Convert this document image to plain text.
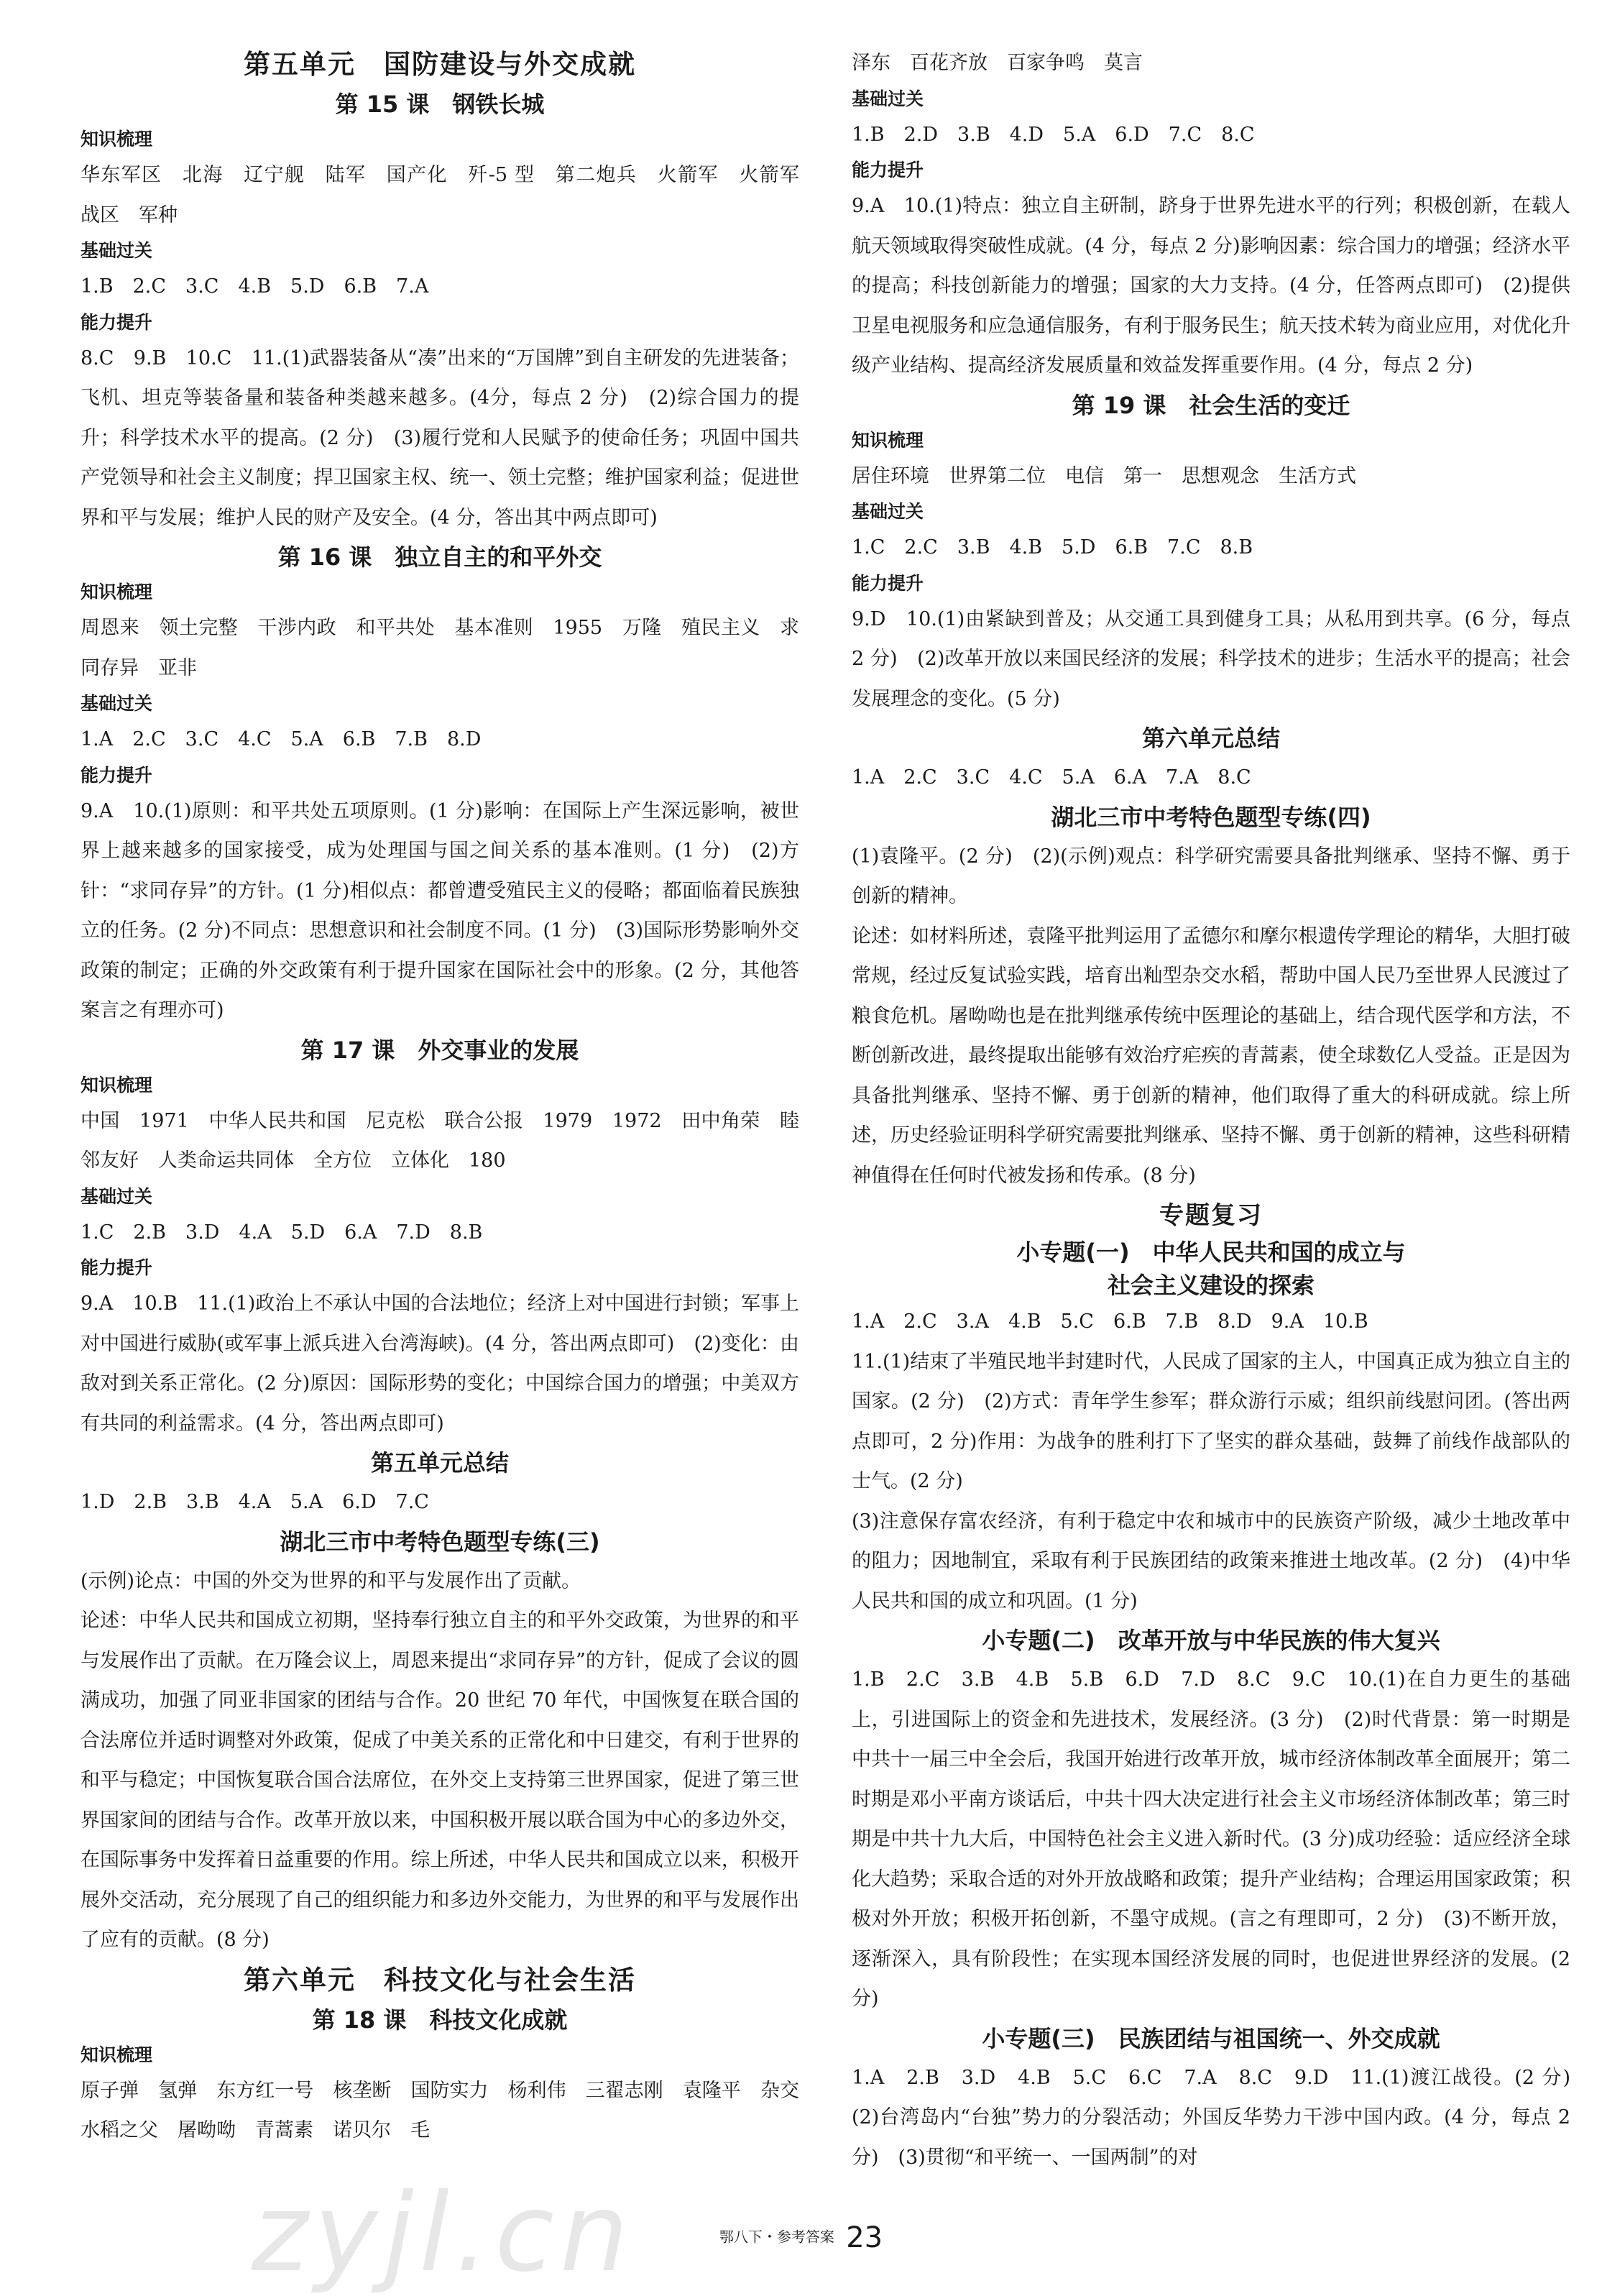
第五单元　国防建设与外交成就
第 15 课　钢铁长城
知识梳理

华东军区　北海　辽宁舰　陆军　国产化　歼-5 型　第二炮兵　火箭军　火箭军　战区　军种

基础过关

1.B　2.C　3.C　4.B　5.D　6.B　7.A

能力提升

8.C　9.B　10.C　11.(1)武器装备从“凑”出来的“万国牌”到自主研发的先进装备；飞机、坦克等装备量和装备种类越来越多。(4分，每点 2 分)　(2)综合国力的提升；科学技术水平的提高。(2 分)　(3)履行党和人民赋予的使命任务；巩固中国共产党领导和社会主义制度；捍卫国家主权、统一、领土完整；维护国家利益；促进世界和平与发展；维护人民的财产及安全。(4 分，答出其中两点即可)

第 16 课　独立自主的和平外交
知识梳理

周恩来　领土完整　干涉内政　和平共处　基本准则　1955　万隆　殖民主义　求同存异　亚非

基础过关

1.A　2.C　3.C　4.C　5.A　6.B　7.B　8.D

能力提升

9.A　10.(1)原则：和平共处五项原则。(1 分)影响：在国际上产生深远影响，被世界上越来越多的国家接受，成为处理国与国之间关系的基本准则。(1 分)　(2)方针：“求同存异”的方针。(1 分)相似点：都曾遭受殖民主义的侵略；都面临着民族独立的任务。(2 分)不同点：思想意识和社会制度不同。(1 分)　(3)国际形势影响外交政策的制定；正确的外交政策有利于提升国家在国际社会中的形象。(2 分，其他答案言之有理亦可)

第 17 课　外交事业的发展
知识梳理

中国　1971　中华人民共和国　尼克松　联合公报　1979　1972　田中角荣　睦邻友好　人类命运共同体　全方位　立体化　180

基础过关

1.C　2.B　3.D　4.A　5.D　6.A　7.D　8.B

能力提升

9.A　10.B　11.(1)政治上不承认中国的合法地位；经济上对中国进行封锁；军事上对中国进行威胁(或军事上派兵进入台湾海峡)。(4 分，答出两点即可)　(2)变化：由敌对到关系正常化。(2 分)原因：国际形势的变化；中国综合国力的增强；中美双方有共同的利益需求。(4 分，答出两点即可)

第五单元总结

1.D　2.B　3.B　4.A　5.A　6.D　7.C

湖北三市中考特色题型专练(三)

(示例)论点：中国的外交为世界的和平与发展作出了贡献。
论述：中华人民共和国成立初期，坚持奉行独立自主的和平外交政策，为世界的和平与发展作出了贡献。在万隆会议上，周恩来提出“求同存异”的方针，促成了会议的圆满成功，加强了同亚非国家的团结与合作。20 世纪 70 年代，中国恢复在联合国的合法席位并适时调整对外政策，促成了中美关系的正常化和中日建交，有利于世界的和平与稳定；中国恢复联合国合法席位，在外交上支持第三世界国家，促进了第三世界国家间的团结与合作。改革开放以来，中国积极开展以联合国为中心的多边外交，在国际事务中发挥着日益重要的作用。综上所述，中华人民共和国成立以来，积极开展外交活动，充分展现了自己的组织能力和多边外交能力，为世界的和平与发展作出了应有的贡献。(8 分)

第六单元　科技文化与社会生活
第 18 课　科技文化成就
知识梳理

原子弹　氢弹　东方红一号　核垄断　国防实力　杨利伟　三翟志刚　袁隆平　杂交水稻之父　屠呦呦　青蒿素　诺贝尔　毛

泽东　百花齐放　百家争鸣　莫言

基础过关

1.B　2.D　3.B　4.D　5.A　6.D　7.C　8.C

能力提升

9.A　10.(1)特点：独立自主研制，跻身于世界先进水平的行列；积极创新，在载人航天领域取得突破性成就。(4 分，每点 2 分)影响因素：综合国力的增强；经济水平的提高；科技创新能力的增强；国家的大力支持。(4 分，任答两点即可)　(2)提供卫星电视服务和应急通信服务，有利于服务民生；航天技术转为商业应用，对优化升级产业结构、提高经济发展质量和效益发挥重要作用。(4 分，每点 2 分)

第 19 课　社会生活的变迁
知识梳理

居住环境　世界第二位　电信　第一　思想观念　生活方式

基础过关

1.C　2.C　3.B　4.B　5.D　6.B　7.C　8.B

能力提升

9.D　10.(1)由紧缺到普及；从交通工具到健身工具；从私用到共享。(6 分，每点 2 分)　(2)改革开放以来国民经济的发展；科学技术的进步；生活水平的提高；社会发展理念的变化。(5 分)

第六单元总结

1.A　2.C　3.C　4.C　5.A　6.A　7.A　8.C

湖北三市中考特色题型专练(四)

(1)袁隆平。(2 分)　(2)(示例)观点：科学研究需要具备批判继承、坚持不懈、勇于创新的精神。
论述：如材料所述，袁隆平批判运用了孟德尔和摩尔根遗传学理论的精华，大胆打破常规，经过反复试验实践，培育出籼型杂交水稻，帮助中国人民乃至世界人民渡过了粮食危机。屠呦呦也是在批判继承传统中医理论的基础上，结合现代医学和方法，不断创新改进，最终提取出能够有效治疗疟疾的青蒿素，使全球数亿人受益。正是因为具备批判继承、坚持不懈、勇于创新的精神，他们取得了重大的科研成就。综上所述，历史经验证明科学研究需要批判继承、坚持不懈、勇于创新的精神，这些科研精神值得在任何时代被发扬和传承。(8 分)

专题复习
小专题(一)　中华人民共和国的成立与
社会主义建设的探索

1.A　2.C　3.A　4.B　5.C　6.B　7.B　8.D　9.A　10.B
11.(1)结束了半殖民地半封建时代，人民成了国家的主人，中国真正成为独立自主的国家。(2 分)　(2)方式：青年学生参军；群众游行示威；组织前线慰问团。(答出两点即可，2 分)作用：为战争的胜利打下了坚实的群众基础，鼓舞了前线作战部队的士气。(2 分)
(3)注意保存富农经济，有利于稳定中农和城市中的民族资产阶级，减少土地改革中的阻力；因地制宜，采取有利于民族团结的政策来推进土地改革。(2 分)　(4)中华人民共和国的成立和巩固。(1 分)

小专题(二)　改革开放与中华民族的伟大复兴

1.B　2.C　3.B　4.B　5.B　6.D　7.D　8.C　9.C　10.(1)在自力更生的基础上，引进国际上的资金和先进技术，发展经济。(3 分)　(2)时代背景：第一时期是中共十一届三中全会后，我国开始进行改革开放，城市经济体制改革全面展开；第二时期是邓小平南方谈话后，中共十四大决定进行社会主义市场经济体制改革；第三时期是中共十九大后，中国特色社会主义进入新时代。(3 分)成功经验：适应经济全球化大趋势；采取合适的对外开放战略和政策；提升产业结构；合理运用国家政策；积极对外开放；积极开拓创新，不墨守成规。(言之有理即可，2 分)　(3)不断开放，逐渐深入，具有阶段性；在实现本国经济发展的同时，也促进世界经济的发展。(2 分)

小专题(三)　民族团结与祖国统一、外交成就

1.A　2.B　3.D　4.B　5.C　6.C　7.A　8.C　9.D　11.(1)渡江战役。(2 分)　(2)台湾岛内“台独”势力的分裂活动；外国反华势力干涉中国内政。(4 分，每点 2 分)　(3)贯彻“和平统一、一国两制”的对

zyjl.cn	鄂八下・参考答案 23
